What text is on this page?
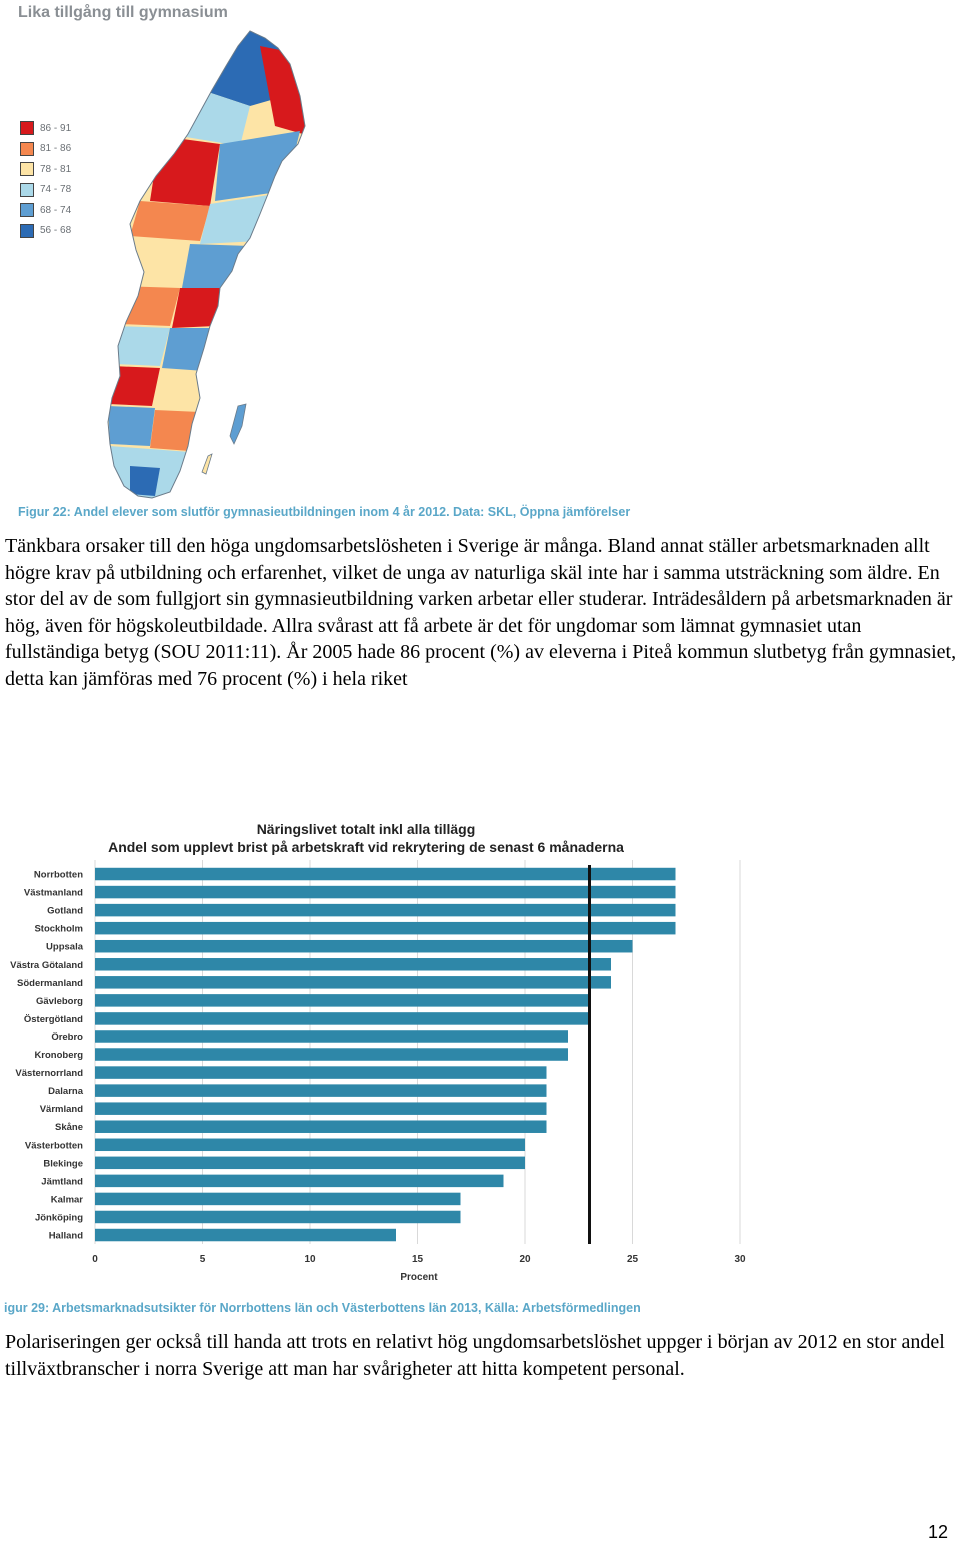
Lika tillgång till gymnasium
86 - 91
81 - 86
78 - 81
74 - 78
68 - 74
56 - 68
Figur 22: Andel elever som slutför gymnasieutbildningen inom 4 år 2012. Data: SKL, Öppna jämförelser
Tänkbara orsaker till den höga ungdomsarbetslösheten i Sverige är många. Bland annat ställer arbetsmarknaden allt högre krav på utbildning och erfarenhet, vilket de unga av naturliga skäl inte har i samma utsträckning som äldre. En stor del av de som fullgjort sin gymnasieutbildning varken arbetar eller studerar. Inträdesåldern på arbetsmarknaden är hög, även för högskoleutbildade. Allra svårast att få arbete är det för ungdomar som lämnat gymnasiet utan fullständiga betyg (SOU 2011:11). År 2005 hade 86 procent (%) av eleverna i Piteå kommun slutbetyg från gymnasiet, detta kan jämföras med 76 procent (%) i hela riket
Näringslivet totalt inkl alla tillägg
Andel som upplevt brist på arbetskraft vid rekrytering de senast 6 månaderna
Norrbotten
Västmanland
Gotland
Stockholm
Uppsala
Västra Götaland
Södermanland
Gävleborg
Östergötland
Örebro
Kronoberg
Västernorrland
Dalarna
Värmland
Skåne
Västerbotten
Blekinge
Jämtland
Kalmar
Jönköping
Halland
0	5	10	15	20	25	30
Procent
igur 29: Arbetsmarknadsutsikter för Norrbottens län och Västerbottens län 2013, Källa: Arbetsförmedlingen
Polariseringen ger också till handa att trots en relativt hög ungdomsarbetslöshet uppger i början av 2012 en stor andel tillväxtbranscher i norra Sverige att man har svårigheter att hitta kompetent personal.
12
